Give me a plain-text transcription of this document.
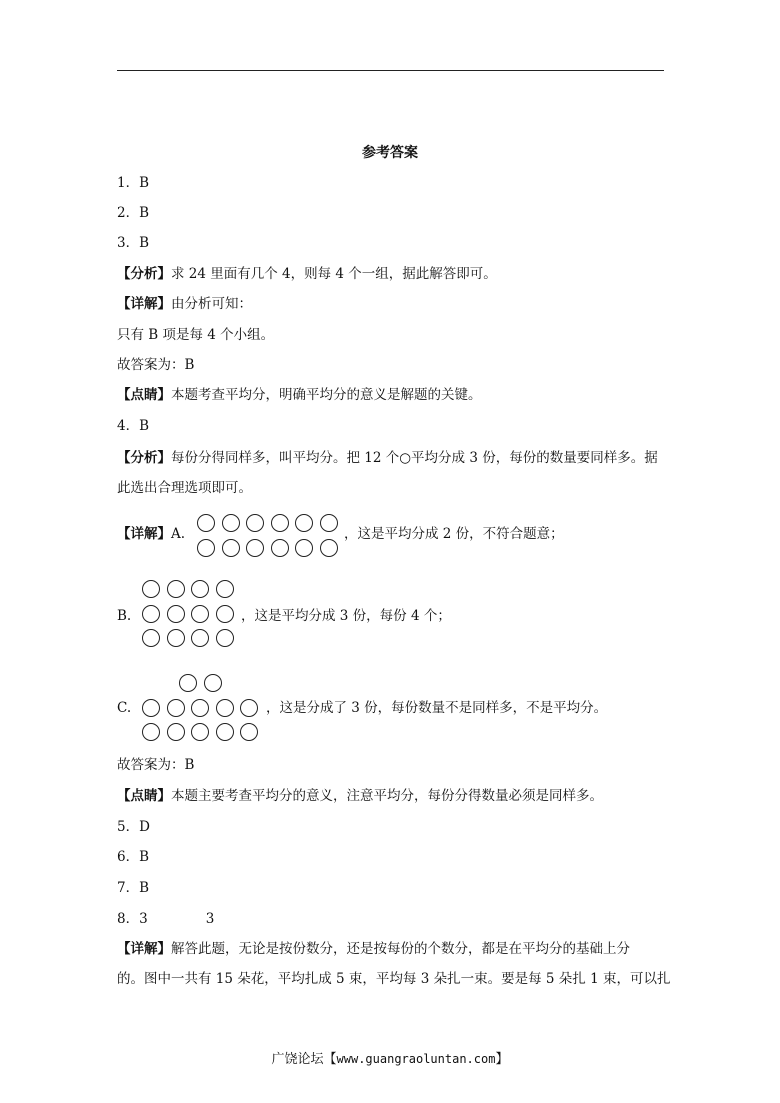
参考答案
1．B
2．B
3．B
【分析】求 24 里面有几个 4，则每 4 个一组，据此解答即可。
【详解】由分析可知：
只有 B 项是每 4 个小组。
故答案为：B
【点睛】本题考查平均分，明确平均分的意义是解题的关键。
4．B
【分析】每份分得同样多，叫平均分。把 12 个○平均分成 3 份，每份的数量要同样多。据
此选出合理选项即可。
【详解】A.	，这是平均分成 2 份，不符合题意；
B.	，这是平均分成 3 份，每份 4 个；
C.	，这是分成了 3 份，每份数量不是同样多，不是平均分。
故答案为：B
【点睛】本题主要考查平均分的意义，注意平均分，每份分得数量必须是同样多。
5．D
6．B
7．B
8．3	3
【详解】解答此题，无论是按份数分，还是按每份的个数分，都是在平均分的基础上分
的。图中一共有 15 朵花，平均扎成 5 束，平均每 3 朵扎一束。要是每 5 朵扎 1 束，可以扎
广饶论坛【www.guangraoluntan.com】
